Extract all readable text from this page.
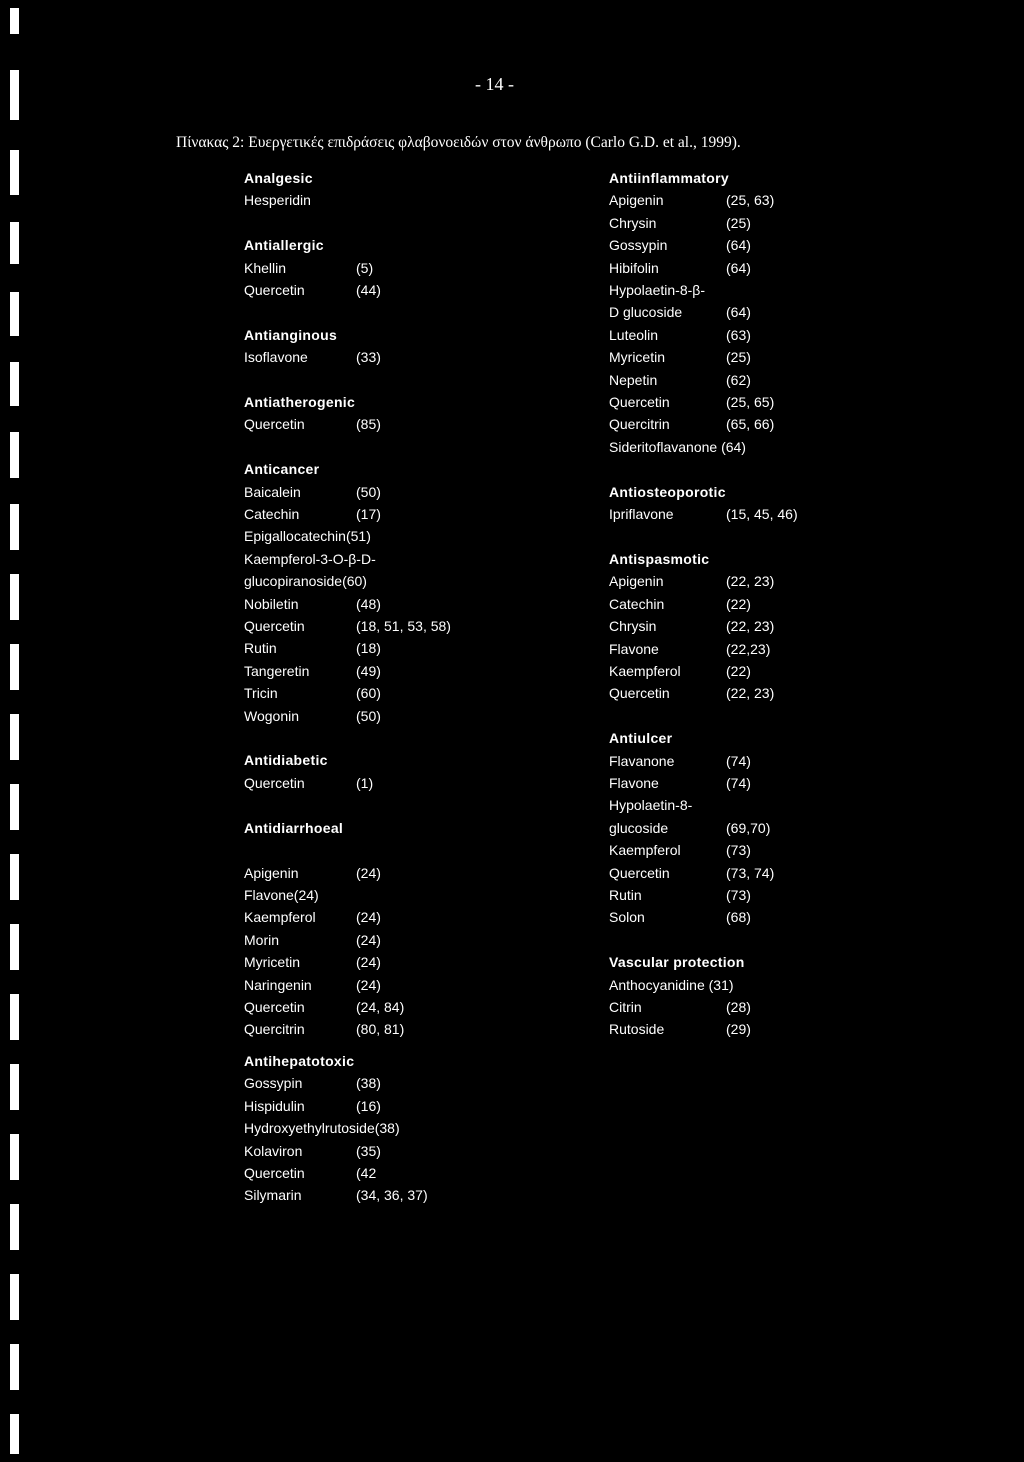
- 14 -
Πίνακας 2: Ευεργετικές επιδράσεις φλαβονοειδών στον άνθρωπο (Carlo G.D. et al., 1999).
Analgesic
Hesperidin
Antiallergic
Khellin	(5)
Quercetin	(44)
Antianginous
Isoflavone	(33)
Antiatherogenic
Quercetin	(85)
Anticancer
Baicalein	(50)
Catechin	(17)
Epigallocatechin(51)
Kaempferol-3-O-β-D-
glucopiranoside(60)
Nobiletin	(48)
Quercetin	(18, 51, 53, 58)
Rutin	(18)
Tangeretin	(49)
Tricin	(60)
Wogonin	(50)
Antidiabetic
Quercetin	(1)
Antidiarrhoeal

Apigenin	(24)
Flavone(24)
Kaempferol	(24)
Morin	(24)
Myricetin	(24)
Naringenin	(24)
Quercetin	(24, 84)
Quercitrin	(80, 81)
Antiinflammatory
Apigenin	(25, 63)
Chrysin	(25)
Gossypin	(64)
Hibifolin	(64)
Hypolaetin-8-β-
D glucoside	(64)
Luteolin	(63)
Myricetin	(25)
Nepetin	(62)
Quercetin	(25, 65)
Quercitrin	(65, 66)
Sideritoflavanone (64)
Antiosteoporotic
Ipriflavone	(15, 45, 46)
Antispasmotic
Apigenin	(22, 23)
Catechin	(22)
Chrysin	(22, 23)
Flavone	(22,23)
Kaempferol	(22)
Quercetin	(22, 23)
Antiulcer
Flavanone	(74)
Flavone	(74)
Hypolaetin-8-
glucoside	(69,70)
Kaempferol	(73)
Quercetin	(73, 74)
Rutin	(73)
Solon	(68)
Vascular protection
Anthocyanidine (31)
Citrin	(28)
Rutoside	(29)
Antihepatotoxic
Gossypin	(38)
Hispidulin	(16)
Hydroxyethylrutoside(38)
Kolaviron	(35)
Quercetin	(42
Silymarin	(34, 36, 37)
